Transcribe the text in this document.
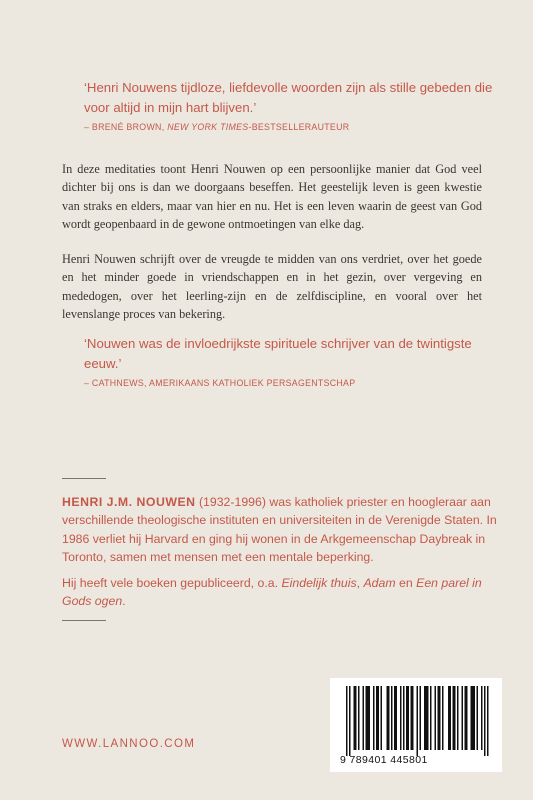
‘Henri Nouwens tijdloze, liefdevolle woorden zijn als stille gebeden die voor altijd in mijn hart blijven.’
– BRENÉ BROWN, NEW YORK TIMES-BESTSELLERAUTEUR

In deze meditaties toont Henri Nouwen op een persoonlijke manier dat God veel dichter bij ons is dan we doorgaans beseffen. Het geestelijk leven is geen kwestie van straks en elders, maar van hier en nu. Het is een leven waarin de geest van God wordt geopenbaard in de gewone ontmoetingen van elke dag.

Henri Nouwen schrijft over de vreugde te midden van ons verdriet, over het goede en het minder goede in vriendschappen en in het gezin, over vergeving en mededogen, over het leerling-zijn en de zelfdiscipline, en vooral over het levenslange proces van bekering.

‘Nouwen was de invloedrijkste spirituele schrijver van de twintigste eeuw.’
– CATHNEWS, AMERIKAANS KATHOLIEK PERSAGENTSCHAP

HENRI J.M. NOUWEN (1932-1996) was katholiek priester en hoogleraar aan verschillende theologische instituten en universiteiten in de Verenigde Staten. In 1986 verliet hij Harvard en ging hij wonen in de Arkgemeenschap Daybreak in Toronto, samen met mensen met een mentale beperking.

Hij heeft vele boeken gepubliceerd, o.a. Eindelijk thuis, Adam en Een parel in Gods ogen.

WWW.LANNOO.COM
9 789401 445801
